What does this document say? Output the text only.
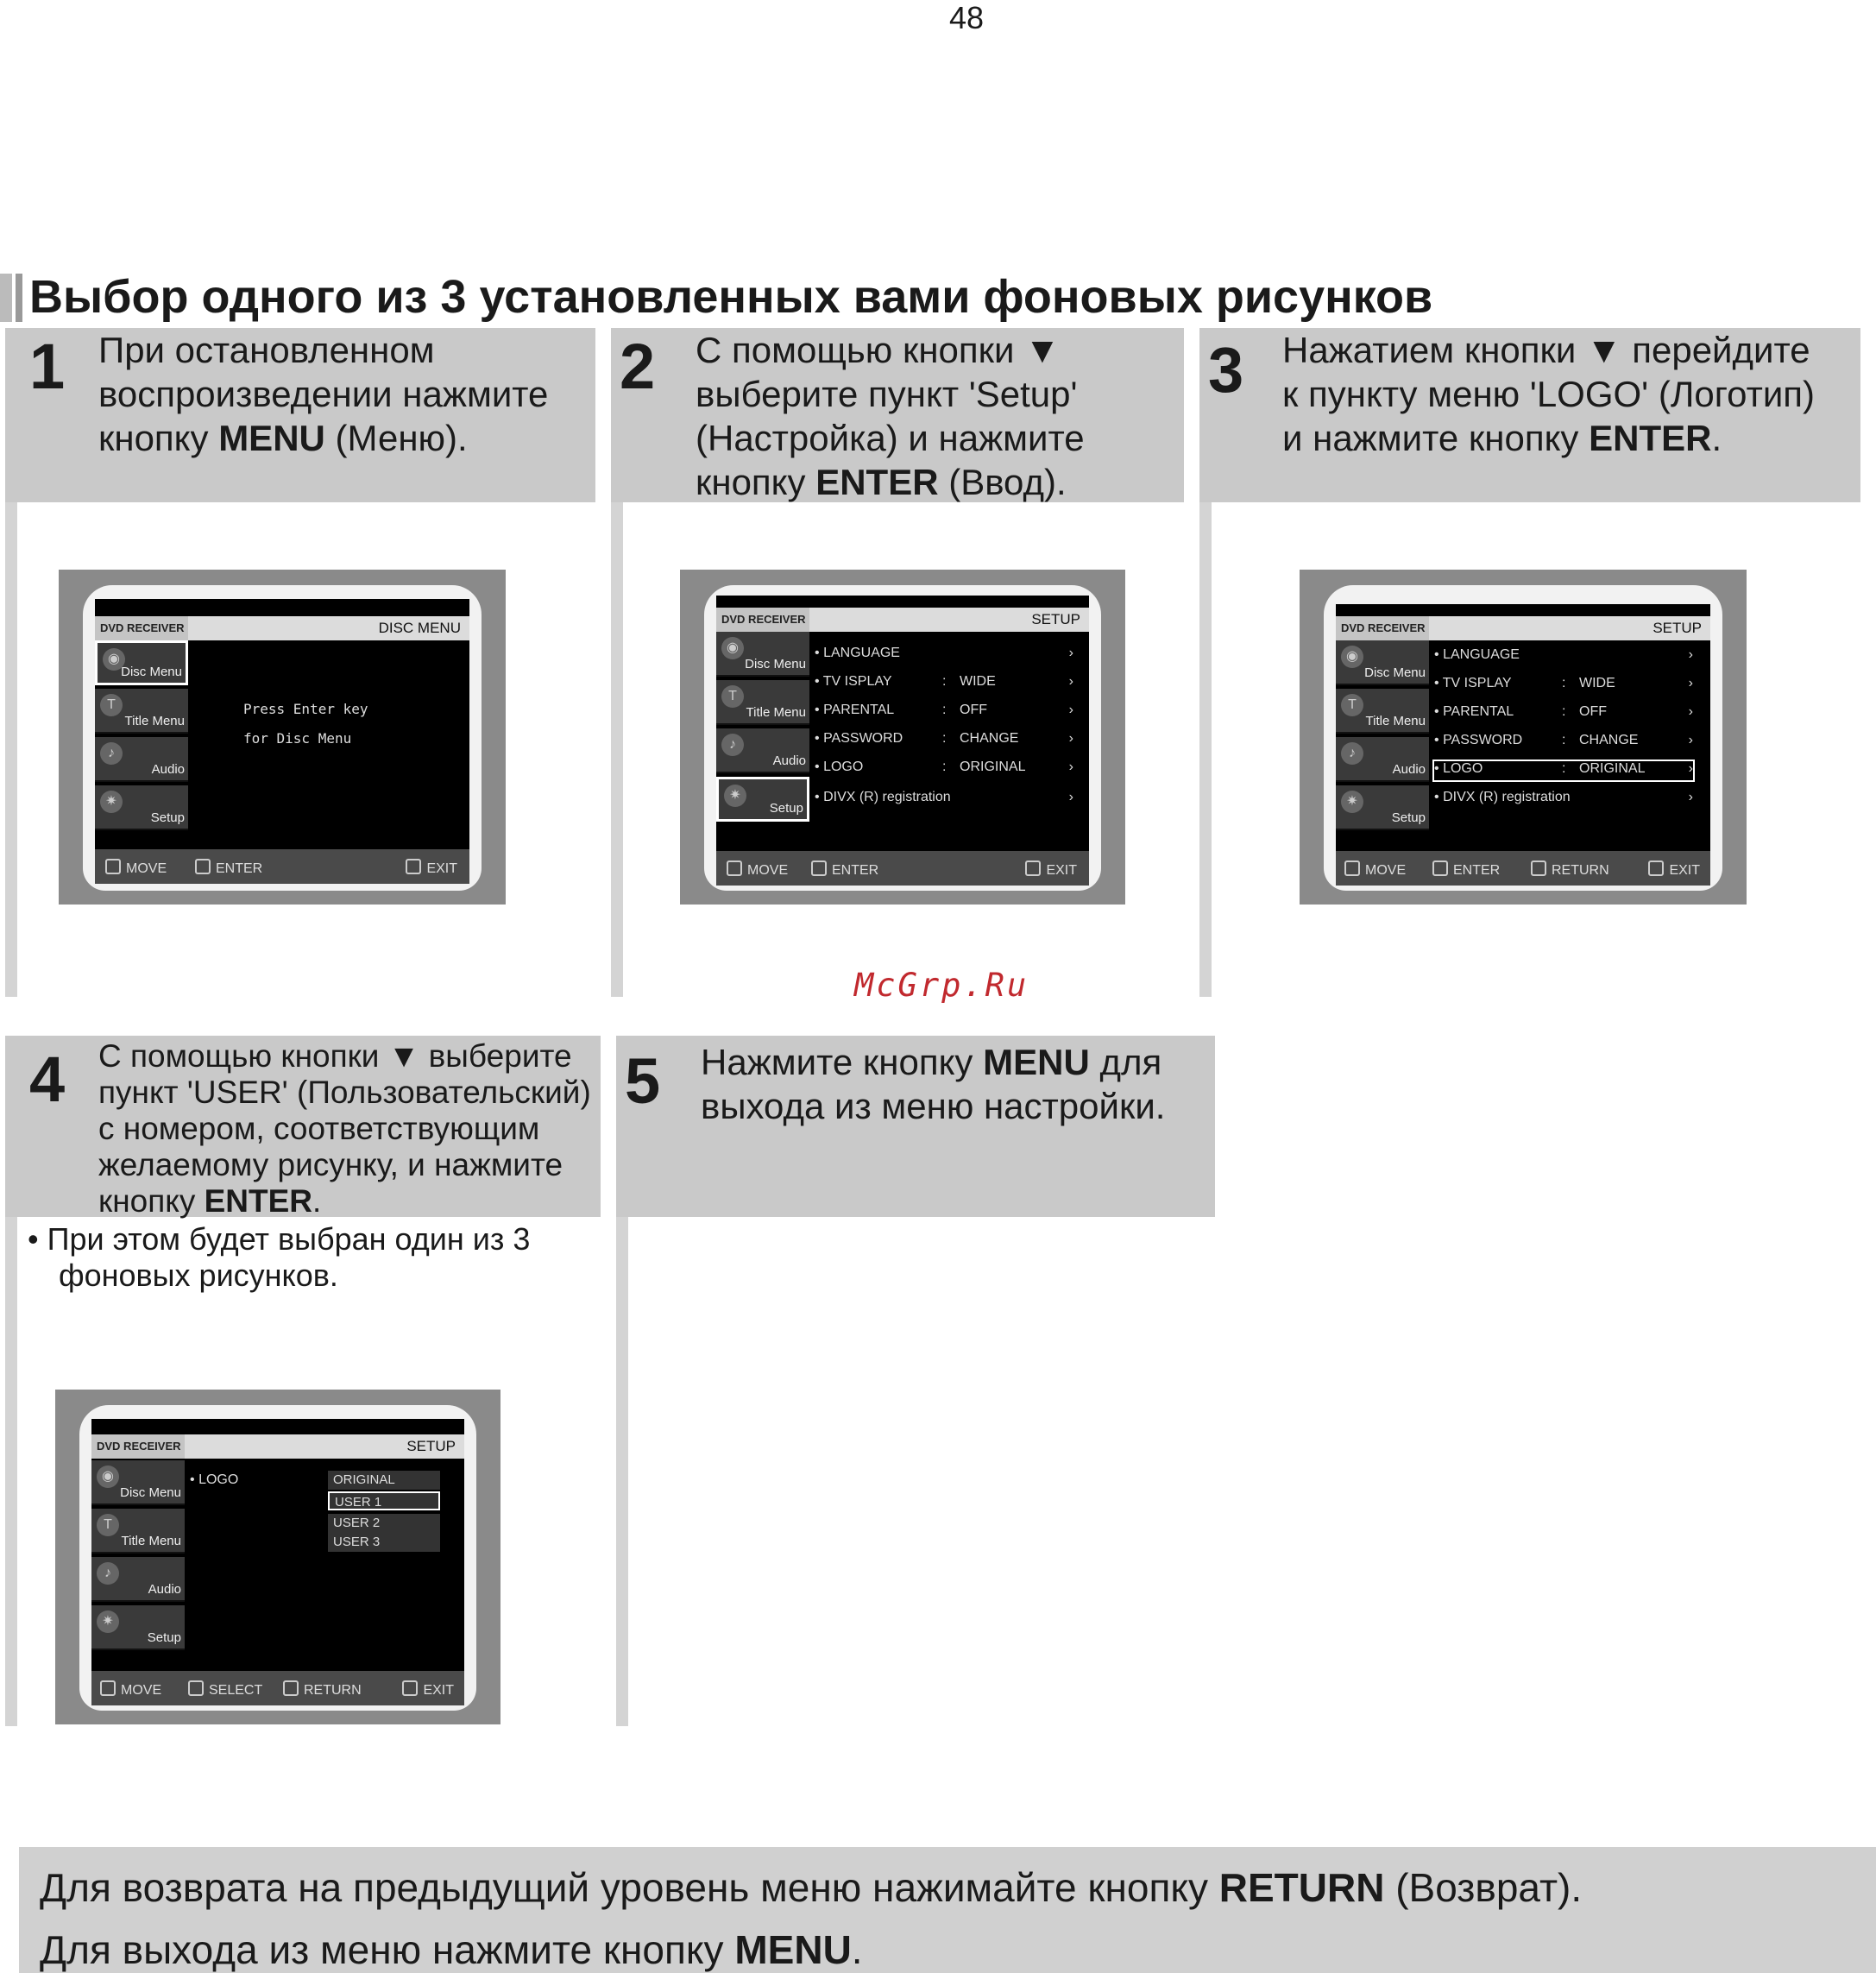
48
Выбор одного из 3 установленных вами фоновых рисунков
1 При остановленном
воспроизведении нажмите
кнопку MENU (Меню).
2 С помощью кнопки ▼
выберите пункт 'Setup'
(Настройка) и нажмите
кнопку ENTER (Ввод).
3 Нажатием кнопки ▼ перейдите
к пункту меню 'LOGO' (Логотип)
и нажмите кнопку ENTER.
4 С помощью кнопки ▼ выберите
пункт 'USER' (Пользовательский)
с номером, соответствующим
желаемому рисунку, и нажмите
кнопку ENTER.
• При этом будет выбран один из 3
фоновых рисунков.
5 Нажмите кнопку MENU для
выхода из меню настройки.
McGrp.Ru
DVD RECEIVER	DISC MENU
◉
Disc Menu
T
Title Menu
♪
Audio
✷
Setup
Press Enter key
for Disc Menu
MOVE	ENTER	EXIT
DVD RECEIVER	SETUP
◉
Disc Menu
T
Title Menu
♪
Audio
✷
Setup
• LANGUAGE	›
• TV ISPLAY	: WIDE	›
• PARENTAL	: OFF	›
• PASSWORD	: CHANGE	›
• LOGO	: ORIGINAL	›
• DIVX (R) registration	›
MOVE	ENTER	EXIT
DVD RECEIVER	SETUP
◉
Disc Menu
T
Title Menu
♪
Audio
✷
Setup
• LANGUAGE	›
• TV ISPLAY	: WIDE	›
• PARENTAL	: OFF	›
• PASSWORD	: CHANGE	›
• LOGO	: ORIGINAL	›
• DIVX (R) registration	›
MOVE	ENTER	RETURN	EXIT
DVD RECEIVER	SETUP
◉
Disc Menu
T
Title Menu
♪
Audio
✷
Setup
• LOGO	ORIGINAL
USER 1
USER 2
USER 3
MOVE	SELECT	RETURN	EXIT

Для возврата на предыдущий уровень меню нажимайте кнопку RETURN (Возврат).

Для выхода из меню нажмите кнопку MENU.
